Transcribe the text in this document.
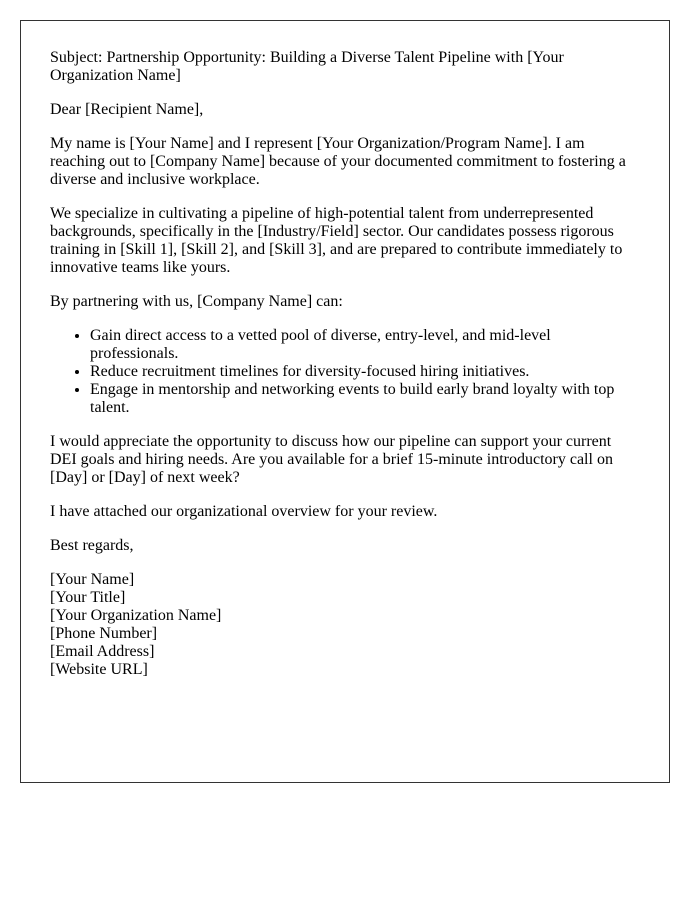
Subject: Partnership Opportunity: Building a Diverse Talent Pipeline with [Your Organization Name]

Dear [Recipient Name],

My name is [Your Name] and I represent [Your Organization/Program Name]. I am reaching out to [Company Name] because of your documented commitment to fostering a diverse and inclusive workplace.

We specialize in cultivating a pipeline of high-potential talent from underrepresented backgrounds, specifically in the [Industry/Field] sector. Our candidates possess rigorous training in [Skill 1], [Skill 2], and [Skill 3], and are prepared to contribute immediately to innovative teams like yours.

By partnering with us, [Company Name] can:

• Gain direct access to a vetted pool of diverse, entry-level, and mid-level professionals.
• Reduce recruitment timelines for diversity-focused hiring initiatives.
• Engage in mentorship and networking events to build early brand loyalty with top talent.

I would appreciate the opportunity to discuss how our pipeline can support your current DEI goals and hiring needs. Are you available for a brief 15-minute introductory call on [Day] or [Day] of next week?

I have attached our organizational overview for your review.

Best regards,

[Your Name]
[Your Title]
[Your Organization Name]
[Phone Number]
[Email Address]
[Website URL]
